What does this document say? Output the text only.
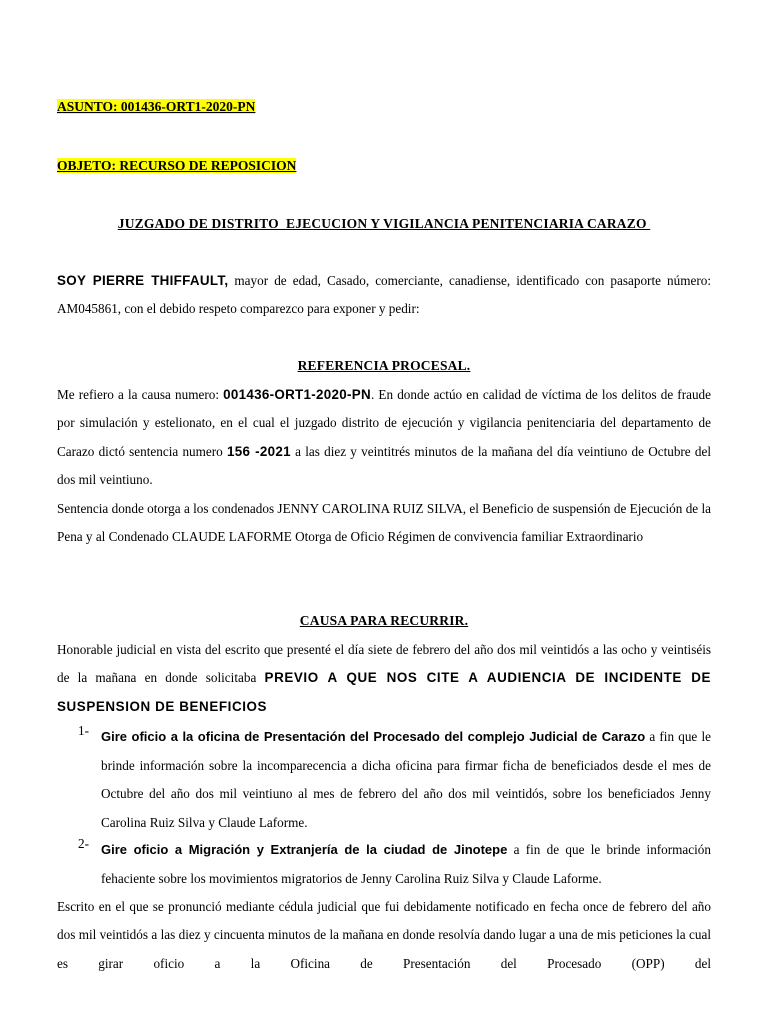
ASUNTO: 001436-ORT1-2020-PN
OBJETO: RECURSO DE REPOSICION
JUZGADO DE DISTRITO  EJECUCION Y VIGILANCIA PENITENCIARIA CARAZO
SOY PIERRE THIFFAULT, mayor de edad, Casado, comerciante, canadiense, identificado con pasaporte número: AM045861, con el debido respeto comparezco para exponer y pedir:
REFERENCIA PROCESAL.
Me refiero a la causa numero: 001436-ORT1-2020-PN. En donde actúo en calidad de víctima de los delitos de fraude por simulación y estelionato, en el cual el juzgado distrito de ejecución y vigilancia penitenciaria del departamento de Carazo dictó sentencia numero 156 -2021 a las diez y veintitrés minutos de la mañana del día veintiuno de Octubre del dos mil veintiuno.
Sentencia donde otorga a los condenados JENNY CAROLINA RUIZ SILVA, el Beneficio de suspensión de Ejecución de la Pena y al Condenado CLAUDE LAFORME Otorga de Oficio Régimen de convivencia familiar Extraordinario
CAUSA PARA RECURRIR.
Honorable judicial en vista del escrito que presenté el día siete de febrero del año dos mil veintidós a las ocho y veintiséis de la mañana en donde solicitaba PREVIO A QUE NOS CITE A AUDIENCIA DE INCIDENTE DE SUSPENSION DE BENEFICIOS
1- Gire oficio a la oficina de Presentación del Procesado del complejo Judicial de Carazo a fin que le brinde información sobre la incomparecencia a dicha oficina para firmar ficha de beneficiados desde el mes de Octubre del año dos mil veintiuno al mes de febrero del año dos mil veintidós, sobre los beneficiados Jenny Carolina Ruiz Silva y Claude Laforme.
2- Gire oficio a Migración y Extranjería de la ciudad de Jinotepe a fin de que le brinde información fehaciente sobre los movimientos migratorios de Jenny Carolina Ruiz Silva y Claude Laforme.
Escrito en el que se pronunció mediante cédula judicial que fui debidamente notificado en fecha once de febrero del año dos mil veintidós a las diez y cincuenta minutos de la mañana en donde resolvía dando lugar a una de mis peticiones la cual es girar oficio a la Oficina de Presentación del Procesado (OPP) del
